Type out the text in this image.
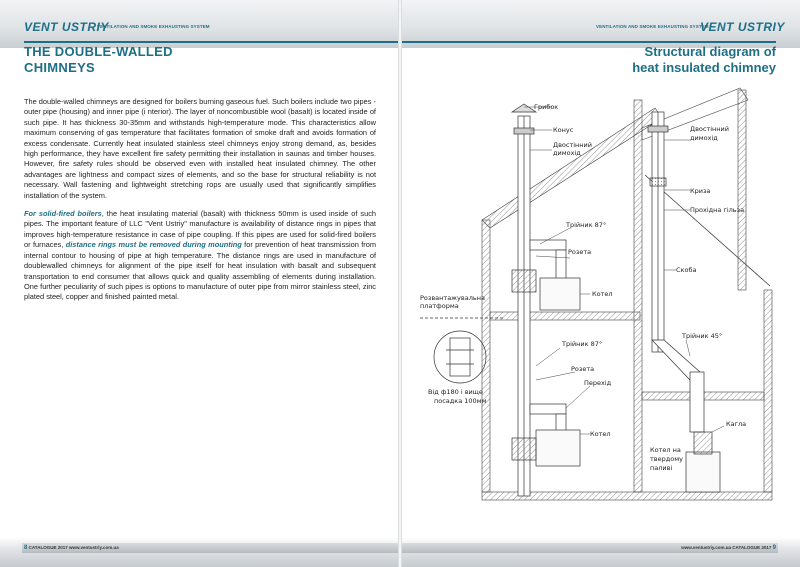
VENT USTRIY
VENTILATION AND SMOKE EXHAUSTING SYSTEM
THE DOUBLE-WALLED
CHIMNEYS

The double-walled chimneys are designed for boilers burning gaseous fuel. Such boilers include two pipes - outer pipe (housing) and inner pipe (i nterior). The layer of noncombustible wool (basalt) is located inside of such pipe. It has thickness 30-35mm and withstands high-temperature mode. This characteristics allow maximum conserving of gas temperature that facilitates formation of smoke draft and avoids formation of excess condensate. Currently heat insulated stainless steel chimneys enjoy strong demand, as, besides high performance, they have excellent fire safety permitting their installation in saunas and timber houses. However, fire safety rules should be observed even with installed heat insulated chimney. The other advantages are lightness and compact sizes of elements, and so the base for structural reliability is not necessary. Wall fastening and lightweight stretching rops are usually used that significantly simplifies installation of the system.

For solid-fired boilers, the heat insulating material (basalt) with thickness 50mm is used inside of such pipes. The important feature of LLC "Vent Ustriy" manufacture is availability of distance rings in pipes that improves high-temperature resistance in case of pipe coupling. If this pipes are used for solid-fired boilers or furnaces, distance rings must be removed during mounting for prevention of heat transmission from internal contour to housing of pipe at high temperature. The distance rings are used in manufacture of doublewalled chimneys for alignment of the pipe itself for heat insulation with basalt and subsequent transportation to end consumer that allows quick and quality assembling of elements during installation. One further peculiarity of such pipes is options to manufacture of outer pipe from mirror stainless steel, zinc plated steel, copper and finished painted metal.

8 CATALOGUE 2017 www.ventustriy.com.ua
VENTILATION AND SMOKE EXHAUSTING SYSTEM
VENT USTRIY
Structural diagram of
heat insulated chimney
www.ventustriy.com.ua CATALOGUE 2017 9
Грибок
Конус
Двостінний
димохід
Трійник 87°
Розета
Котел
Двостінний
димохід
Криза
Прохідна гільза
Скоба
Розвантажувальна
платформа
Трійник 45°
Трійник 87°
Розета
Перехід
Котел
Котел на
твердому
паливі
Кагла
Від ф180 і вище
посадка 100мм
